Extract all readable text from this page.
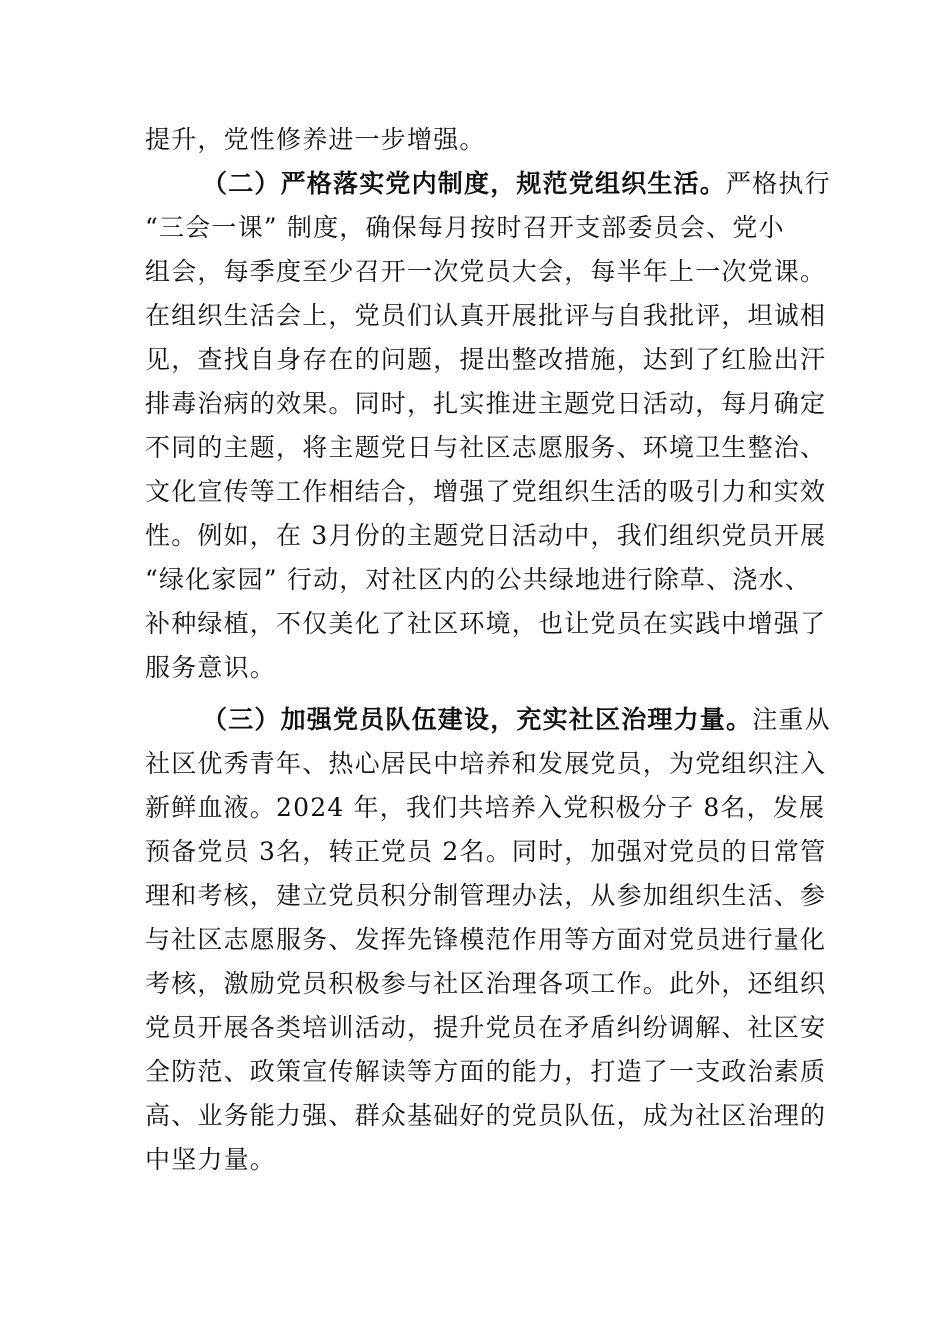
提升，党性修养进一步增强。
（二）严格落实党内制度，规范党组织生活。严格执行
“三会一课” 制度，确保每月按时召开支部委员会、党小
组会，每季度至少召开一次党员大会，每半年上一次党课。
在组织生活会上，党员们认真开展批评与自我批评，坦诚相
见，查找自身存在的问题，提出整改措施，达到了红脸出汗
排毒治病的效果。同时，扎实推进主题党日活动，每月确定
不同的主题，将主题党日与社区志愿服务、环境卫生整治、
文化宣传等工作相结合，增强了党组织生活的吸引力和实效
性。例如，在 3月份的主题党日活动中，我们组织党员开展
“绿化家园” 行动，对社区内的公共绿地进行除草、浇水、
补种绿植，不仅美化了社区环境，也让党员在实践中增强了
服务意识。
（三）加强党员队伍建设，充实社区治理力量。注重从
社区优秀青年、热心居民中培养和发展党员，为党组织注入
新鲜血液。2024 年，我们共培养入党积极分子 8名，发展
预备党员 3名，转正党员 2名。同时，加强对党员的日常管
理和考核，建立党员积分制管理办法，从参加组织生活、参
与社区志愿服务、发挥先锋模范作用等方面对党员进行量化
考核，激励党员积极参与社区治理各项工作。此外，还组织
党员开展各类培训活动，提升党员在矛盾纠纷调解、社区安
全防范、政策宣传解读等方面的能力，打造了一支政治素质
高、业务能力强、群众基础好的党员队伍，成为社区治理的
中坚力量。
